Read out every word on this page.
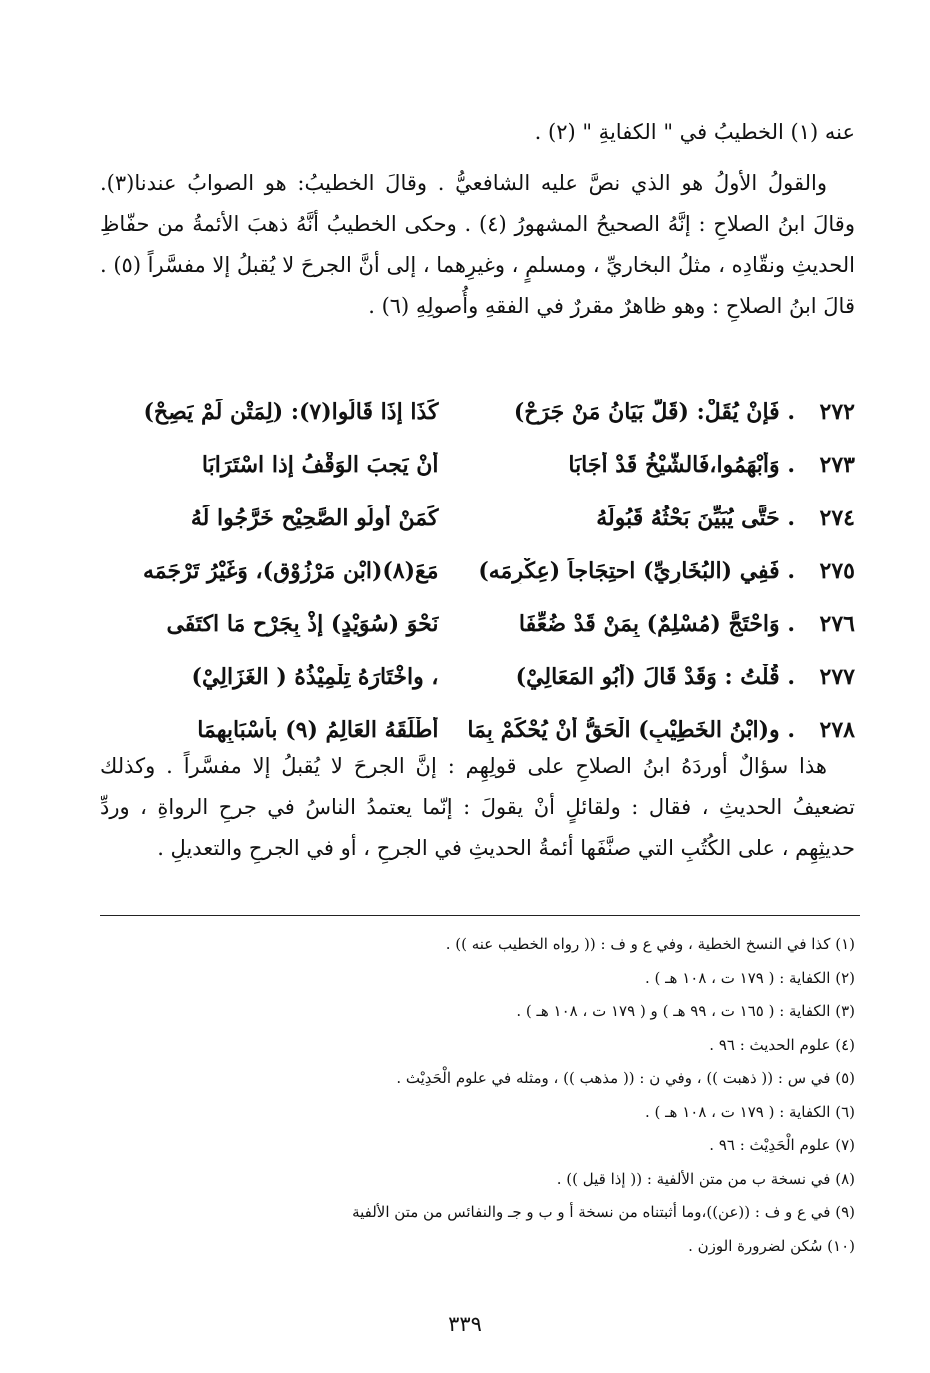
عنه (١) الخطيبُ في " الكفايةِ " (٢) .

والقولُ الأولُ هو الذي نصَّ عليه الشافعيُّ . وقالَ الخطيبُ: هو الصوابُ عندنا(٣). وقالَ ابنُ الصلاحِ : إنَّهُ الصحيحُ المشهورُ (٤) . وحكى الخطيبُ أنَّهُ ذهبَ الأئمةُ من حفّاظِ الحديثِ ونقّادِه ، مثلُ البخاريِّ ، ومسلمٍ ، وغيرِهما ، إلى أنَّ الجرحَ لا يُقبلُ إلا مفسَّراً (٥) . قالَ ابنُ الصلاحِ : وهو ظاهرٌ مقررٌ في الفقهِ وأُصولِهِ (٦) .

٢٧٢
. فَإنْ يُقَلْ: (قَلَّ بَيَانُ مَنْ جَرَحْ)
كَذَا إذَا قَالُوا(٧): (لِمَتْنٍ لَمْ يَصِحْ)
٢٧٣
. وَأبْهَمُوا،فَالشَّيْخُ قَدْ أجَابَا
أنْ يَجبَ الوَقْفُ إذا اسْتَرَابَا
٢٧٤
. حَتَّى يُبَيِّنَ بَحْثُهُ قَبُولَهُ
كَمَنْ أُولُو الصَّحِيْحِ خَرَّجُوا لَهُ
٢٧٥
. فَفِي (البُخَارِيِّ) احتِجَاجاً (عِكْرِمَه)
مَعَ(٨)(ابْنِ مَرْزُوْقٍ)، وَغَيْرُ تَرْجَمَه
٢٧٦
. وَاحْتَجَّ (مُسْلِمٌ) بِمَنْ قَدْ ضُعِّفَا
نَحْوَ (سُوَيْدٍ) إذْ بِجَرْحٍ مَا اكتَفَى
٢٧٧
. قُلْتُ : وَقَدْ قَالَ (أبُو المَعَالِيْ)
، واخْتَارَهُ تِلْمِيْذُهُ ( الغَزَالِيْ)
٢٧٨
. و(ابْنُ الخَطِيْبِ) الْحَقُّ أنْ يُحْكَمْ بِمَا
أطْلَقَهُ العَالِمُ (٩) بأسْبَابِهِمَا

هذا سؤالٌ أوردَهُ ابنُ الصلاحِ على قولِهِم : إنَّ الجرحَ لا يُقبلُ إلا مفسَّراً . وكذلك تضعيفُ الحديثِ ، فقال : ولقائلٍ أنْ يقولَ : إنّما يعتمدُ الناسُ في جرحِ الرواةِ ، وردِّ حديثِهِم ، على الكُتُبِ التي صنَّفَها أئمةُ الحديثِ في الجرحِ ، أو في الجرحِ والتعديلِ .

(١) كذا في النسخ الخطية ، وفي ع و ف : (( رواه الخطيب عنه )) .
(٢) الكفاية : ( ١٧٩ ت ، ١٠٨ هـ ) .
(٣) الكفاية : ( ١٦٥ ت ، ٩٩ هـ ) و ( ١٧٩ ت ، ١٠٨ هـ ) .
(٤) علوم الحديث : ٩٦ .
(٥) في س : (( ذهبت )) ، وفي ن : (( مذهب )) ، ومثله في علوم الْحَدِيْث .
(٦) الكفاية : ( ١٧٩ ت ، ١٠٨ هـ ) .
(٧) علوم الْحَدِيْث : ٩٦ .
(٨) في نسخة ب من متن الألفية : (( إذا قيل )) .
(٩) في ع و ف : ((عن))،وما أثبتناه من نسخة أ و ب و جـ والنفائس من متن الألفية
(١٠) سُكن لضرورة الوزن .
٣٣٩
